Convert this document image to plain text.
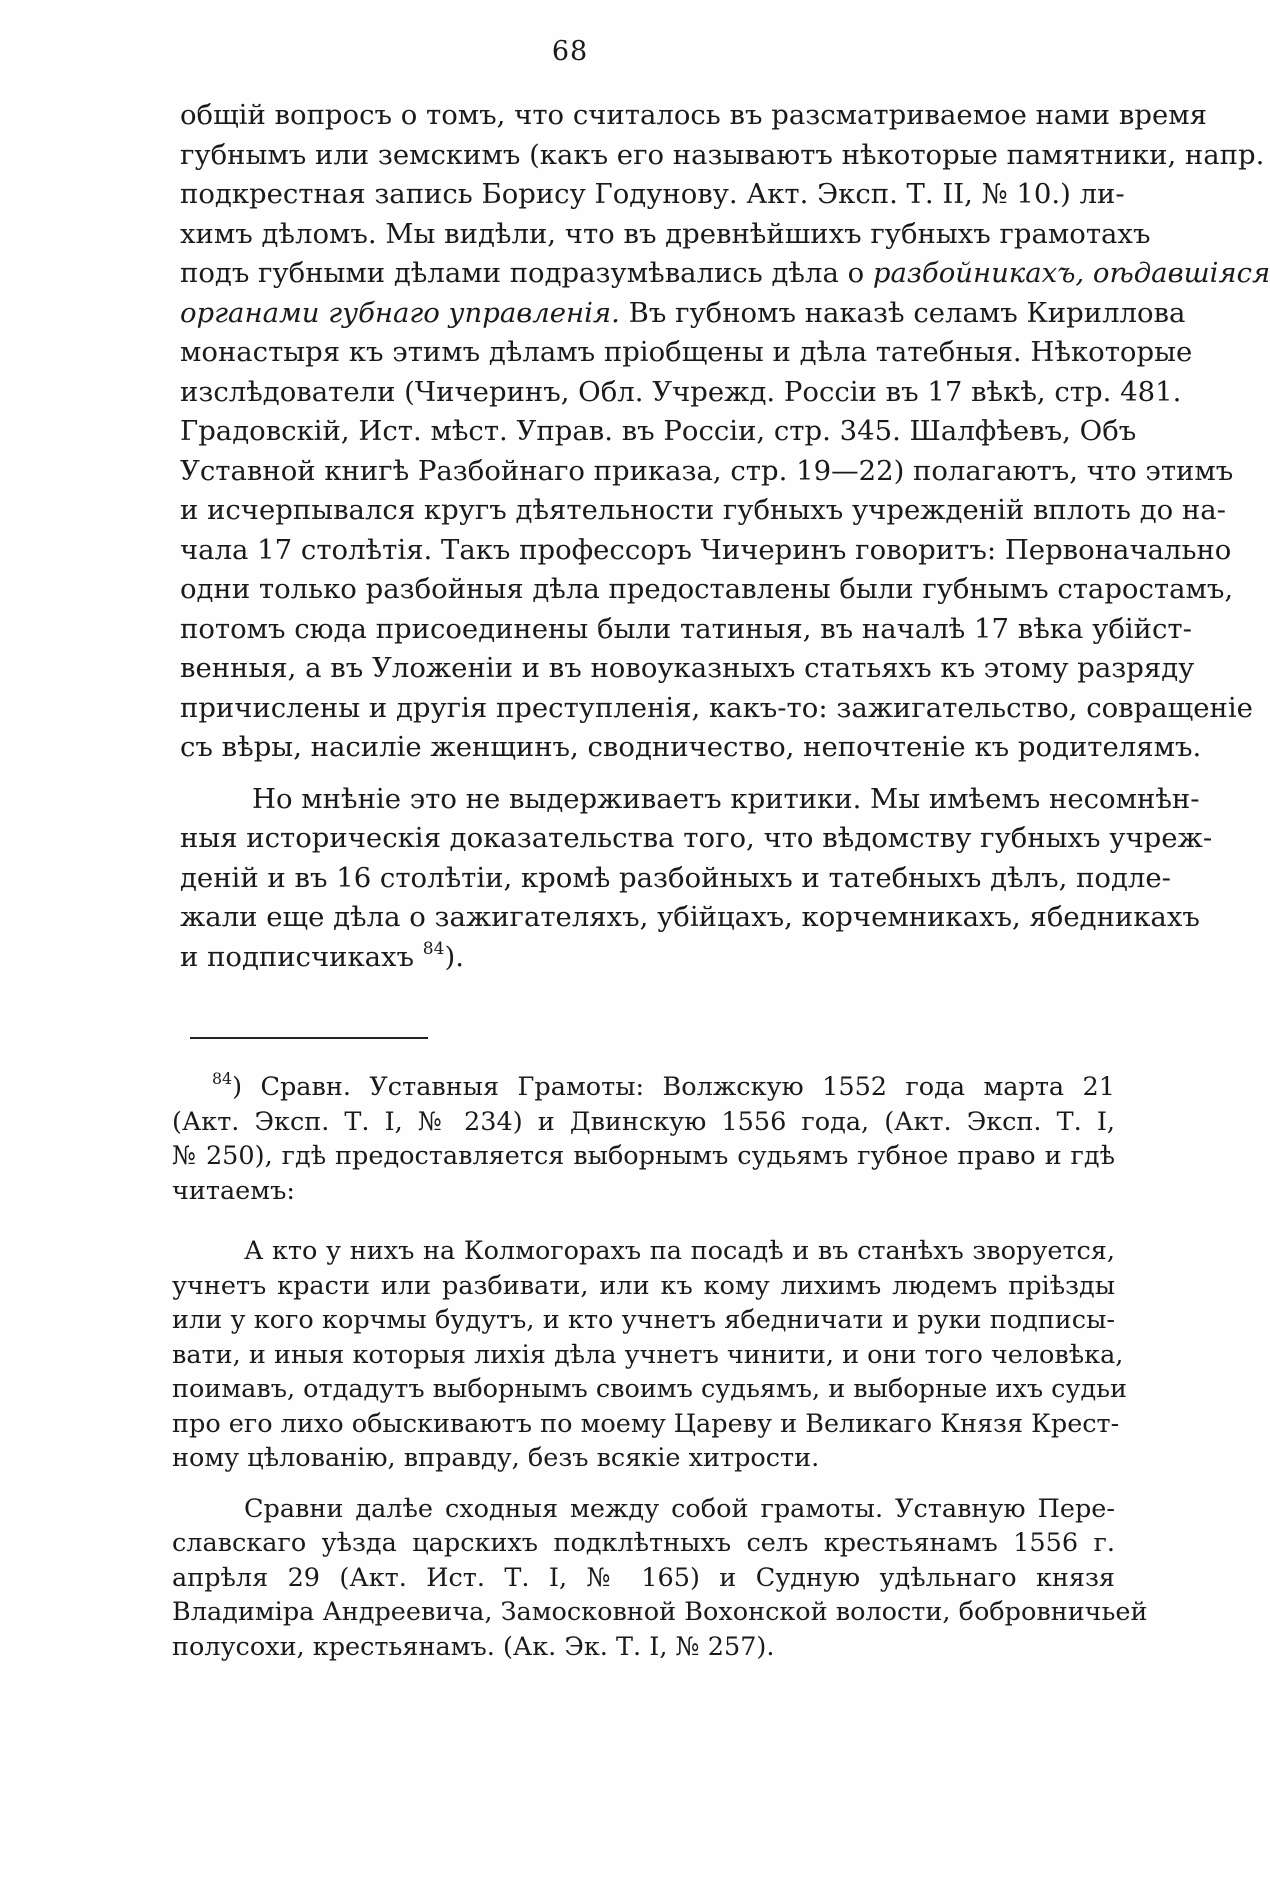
68

общій вопросъ о томъ, что считалось въ разсматриваемое нами время
губнымъ или земскимъ (какъ его называютъ нѣкоторые памятники, напр.
подкрестная запись Борису Годунову. Акт. Эксп. Т. II, № 10.) ли-
химъ дѣломъ. Мы видѣли, что въ древнѣйшихъ губныхъ грамотахъ
подъ губными дѣлами подразумѣвались дѣла о разбойникахъ, оѣдавшіяся
органами губнаго управленія. Въ губномъ наказѣ селамъ Кириллова
монастыря къ этимъ дѣламъ пріобщены и дѣла татебныя. Нѣкоторые
изслѣдователи (Чичеринъ, Обл. Учрежд. Россіи въ 17 вѣкѣ, стр. 481.
Градовскій, Ист. мѣст. Управ. въ Россіи, стр. 345. Шалфѣевъ, Объ
Уставной книгѣ Разбойнаго приказа, стр. 19—22) полагаютъ, что этимъ
и исчерпывался кругъ дѣятельности губныхъ учрежденій вплоть до на-
чала 17 столѣтія. Такъ профессоръ Чичеринъ говоритъ: Первоначально
одни только разбойныя дѣла предоставлены были губнымъ старостамъ,
потомъ сюда присоединены были татиныя, въ началѣ 17 вѣка убійст-
венныя, а въ Уложеніи и въ новоуказныхъ статьяхъ къ этому разряду
причислены и другія преступленія, какъ-то: зажигательство, совращеніе
съ вѣры, насиліе женщинъ, сводничество, непочтеніе къ родителямъ.

Но мнѣніе это не выдерживаетъ критики. Мы имѣемъ несомнѣн-
ныя историческія доказательства того, что вѣдомству губныхъ учреж-
деній и въ 16 столѣтіи, кромѣ разбойныхъ и татебныхъ дѣлъ, подле-
жали еще дѣла о зажигателяхъ, убійцахъ, корчемникахъ, ябедникахъ
и подписчикахъ $^{84}$).

$^{84}$) Сравн. Уставныя Грамоты: Волжскую 1552 года марта 21
(Акт. Эксп. Т. I, № 234) и Двинскую 1556 года, (Акт. Эксп. Т. I,
№ 250), гдѣ предоставляется выборнымъ судьямъ губное право и гдѣ
читаемъ:

А кто у нихъ на Колмогорахъ па посадѣ и въ станѣхъ зворуется,
учнетъ красти или разбивати, или къ кому лихимъ людемъ пріѣзды
или у кого корчмы будутъ, и кто учнетъ ябедничати и руки подписы-
вати, и иныя которыя лихія дѣла учнетъ чинити, и они того человѣка,
поимавъ, отдадутъ выборнымъ своимъ судьямъ, и выборные ихъ судьи
про его лихо обыскиваютъ по моему Цареву и Великаго Князя Крест-
ному цѣлованію, вправду, безъ всякіе хитрости.

Сравни далѣе сходныя между собой грамоты. Уставную Пере-
славскаго уѣзда царскихъ подклѣтныхъ селъ крестьянамъ 1556 г.
апрѣля 29 (Акт. Ист. Т. I, № 165) и Судную удѣльнаго князя
Владиміра Андреевича, Замосковной Вохонской волости, бобровничьей
полусохи, крестьянамъ. (Ак. Эк. Т. I, № 257).
